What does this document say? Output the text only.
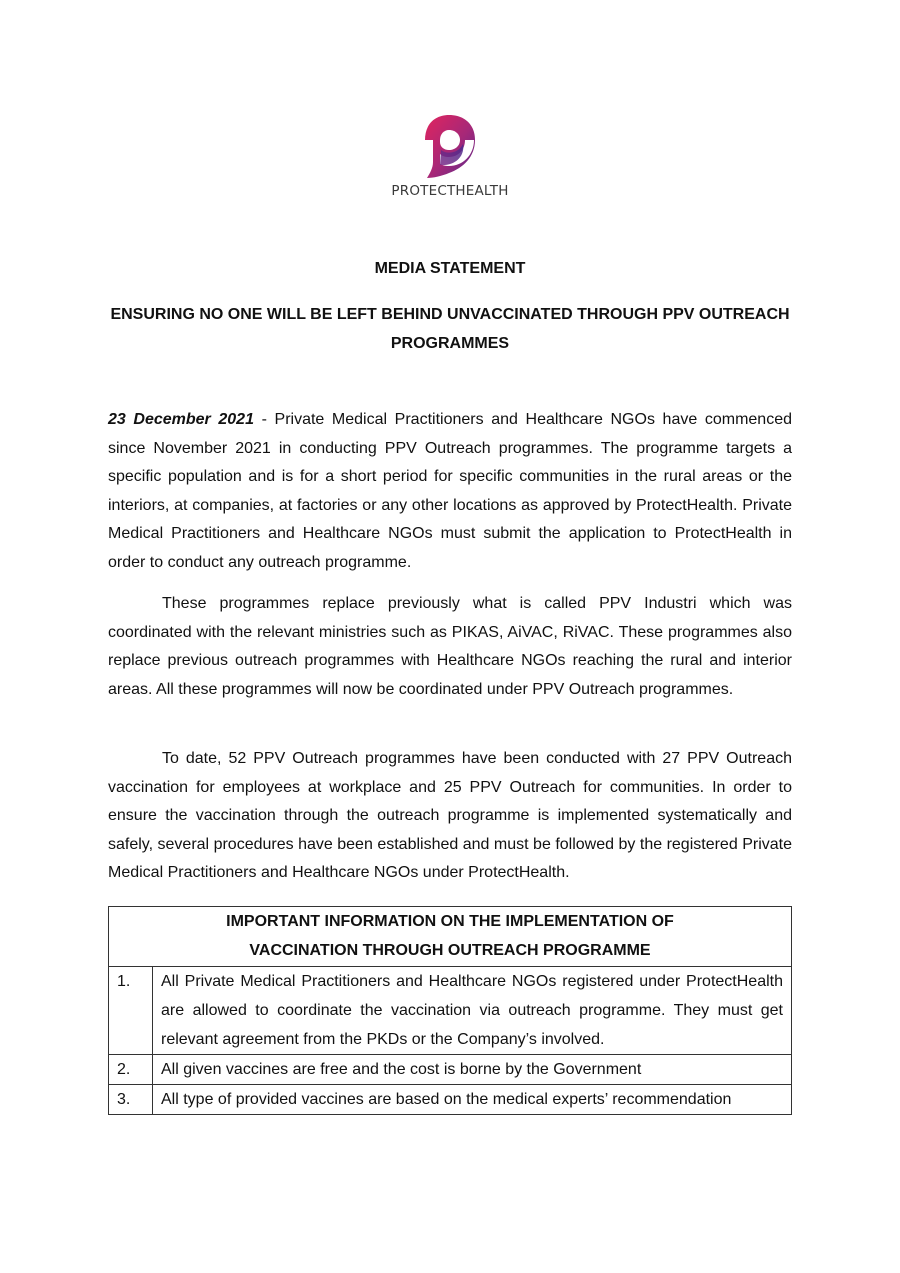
PROTECTHEALTH
MEDIA STATEMENT
ENSURING NO ONE WILL BE LEFT BEHIND UNVACCINATED THROUGH PPV OUTREACH PROGRAMMES

23 December 2021 - Private Medical Practitioners and Healthcare NGOs have commenced since November 2021 in conducting PPV Outreach programmes. The programme targets a specific population and is for a short period for specific communities in the rural areas or the interiors, at companies, at factories or any other locations as approved by ProtectHealth. Private Medical Practitioners and Healthcare NGOs must submit the application to ProtectHealth in order to conduct any outreach programme.

These programmes replace previously what is called PPV Industri which was coordinated with the relevant ministries such as PIKAS, AiVAC, RiVAC. These programmes also replace previous outreach programmes with Healthcare NGOs reaching the rural and interior areas. All these programmes will now be coordinated under PPV Outreach programmes.

To date, 52 PPV Outreach programmes have been conducted with 27 PPV Outreach vaccination for employees at workplace and 25 PPV Outreach for communities. In order to ensure the vaccination through the outreach programme is implemented systematically and safely, several procedures have been established and must be followed by the registered Private Medical Practitioners and Healthcare NGOs under ProtectHealth.

IMPORTANT INFORMATION ON THE IMPLEMENTATION OF
VACCINATION THROUGH OUTREACH PROGRAMME	

1.	All Private Medical Practitioners and Healthcare NGOs registered under ProtectHealth are allowed to coordinate the vaccination via outreach programme. They must get relevant agreement from the PKDs or the Company’s involved.
2.	All given vaccines are free and the cost is borne by the Government
3.	All type of provided vaccines are based on the medical experts’ recommendation
